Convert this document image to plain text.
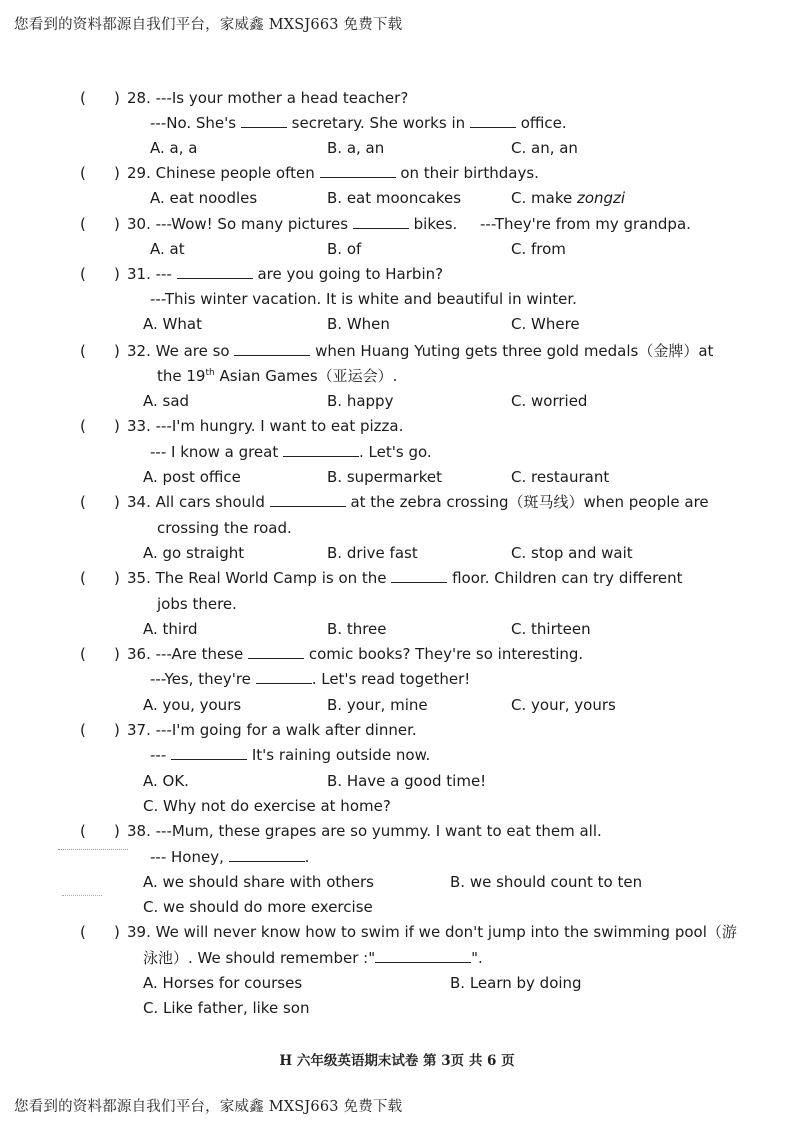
您看到的资料都源自我们平台，家威鑫 MXSJ663 免费下载
( ) 28. ---Is your mother a head teacher?
---No. She's	secretary. She works in	office.
A. a, a	B. a, an	C. an, an
( ) 29. Chinese people often	on their birthdays.
A. eat noodles	B. eat mooncakes	C. make zongzi
( ) 30. ---Wow! So many pictures	bikes. ---They're from my grandpa.
A. at	B. of	C. from
( ) 31. ---	are you going to Harbin?
---This winter vacation. It is white and beautiful in winter.
A. What	B. When	C. Where
( ) 32. We are so	when Huang Yuting gets three gold medals（金牌）at
the 19th Asian Games（亚运会）.
A. sad	B. happy	C. worried
( ) 33. ---I'm hungry. I want to eat pizza.
--- I know a great	. Let's go.
A. post office	B. supermarket	C. restaurant
( ) 34. All cars should	at the zebra crossing（斑马线）when people are
crossing the road.
A. go straight	B. drive fast	C. stop and wait
( ) 35. The Real World Camp is on the	floor. Children can try different
jobs there.
A. third	B. three	C. thirteen
( ) 36. ---Are these	comic books? They're so interesting.
---Yes, they're	. Let's read together!
A. you, yours	B. your, mine	C. your, yours
( ) 37. ---I'm going for a walk after dinner.
---	It's raining outside now.
A. OK.	B. Have a good time!
C. Why not do exercise at home?
( ) 38. ---Mum, these grapes are so yummy. I want to eat them all.
--- Honey,	.
A. we should share with others	B. we should count to ten
C. we should do more exercise
( ) 39. We will never know how to swim if we don't jump into the swimming pool（游
泳池）. We should remember :"	".
A. Horses for courses	B. Learn by doing
C. Like father, like son
H 六年级英语期末试卷 第 3页 共 6 页
您看到的资料都源自我们平台，家威鑫 MXSJ663 免费下载
